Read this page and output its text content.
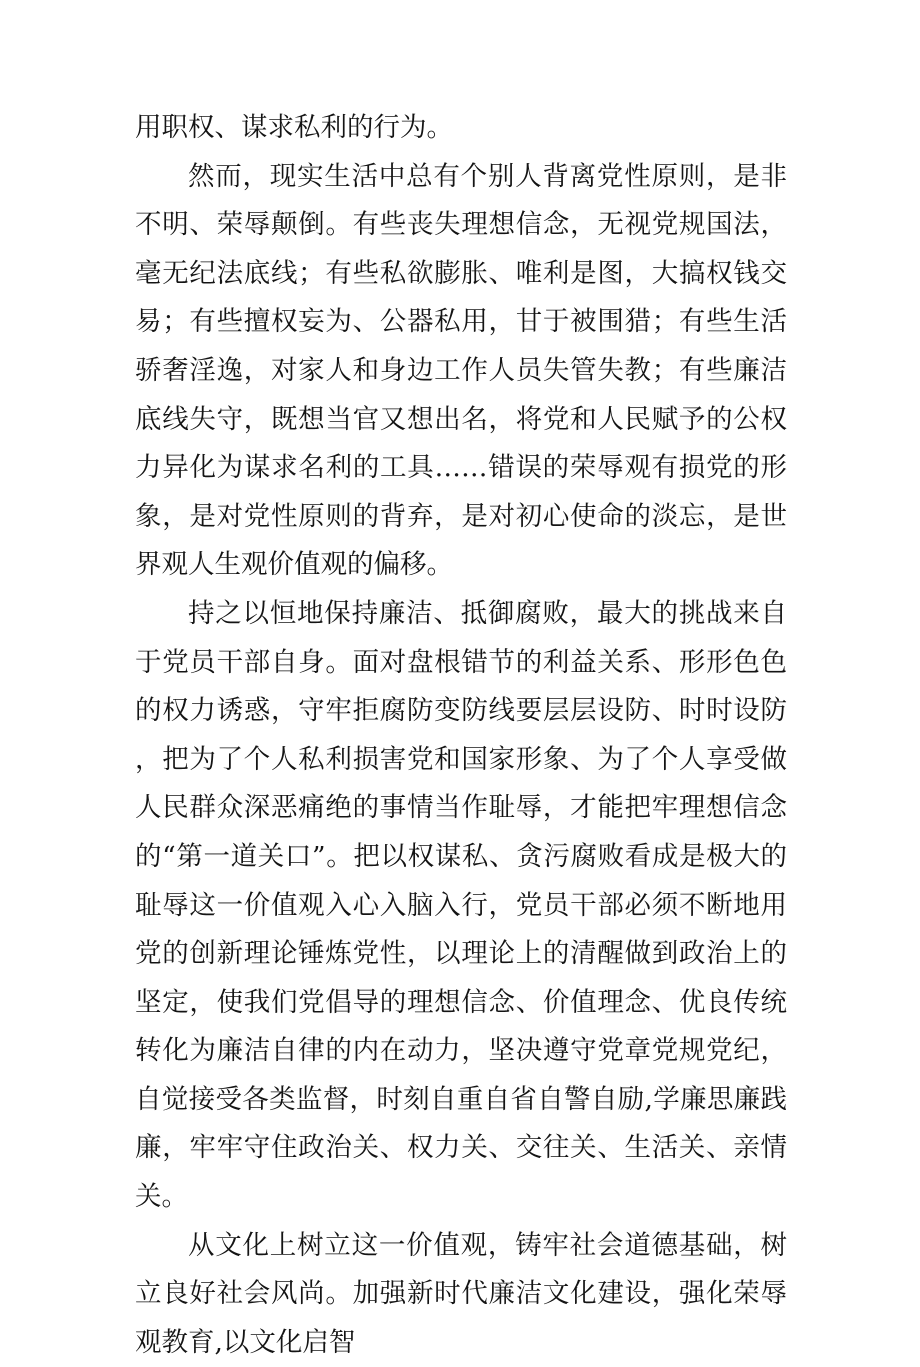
用职权、谋求私利的行为。

然而，现实生活中总有个别人背离党性原则，是非不明、荣辱颠倒。有些丧失理想信念，无视党规国法，毫无纪法底线；有些私欲膨胀、唯利是图，大搞权钱交易；有些擅权妄为、公器私用，甘于被围猎；有些生活骄奢淫逸，对家人和身边工作人员失管失教；有些廉洁底线失守，既想当官又想出名，将党和人民赋予的公权力异化为谋求名利的工具……错误的荣辱观有损党的形象，是对党性原则的背弃，是对初心使命的淡忘，是世界观人生观价值观的偏移。

持之以恒地保持廉洁、抵御腐败，最大的挑战来自于党员干部自身。面对盘根错节的利益关系、形形色色的权力诱惑，守牢拒腐防变防线要层层设防、时时设防，把为了个人私利损害党和国家形象、为了个人享受做人民群众深恶痛绝的事情当作耻辱，才能把牢理想信念的“第一道关口”。把以权谋私、贪污腐败看成是极大的耻辱这一价值观入心入脑入行，党员干部必须不断地用党的创新理论锤炼党性，以理论上的清醒做到政治上的坚定，使我们党倡导的理想信念、价值理念、优良传统转化为廉洁自律的内在动力，坚决遵守党章党规党纪，自觉接受各类监督，时刻自重自省自警自励,学廉思廉践廉，牢牢守住政治关、权力关、交往关、生活关、亲情关。

从文化上树立这一价值观，铸牢社会道德基础，树立良好社会风尚。加强新时代廉洁文化建设，强化荣辱观教育,以文化启智
